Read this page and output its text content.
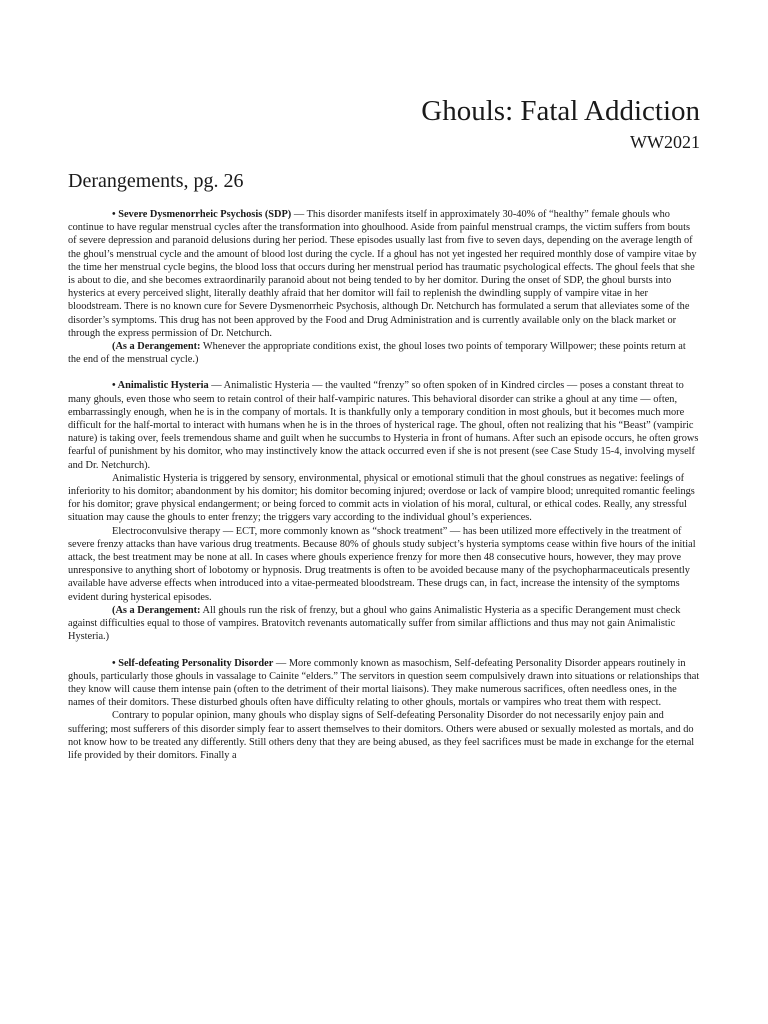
Ghouls: Fatal Addiction
WW2021
Derangements, pg. 26

• Severe Dysmenorrheic Psychosis (SDP) — This disorder manifests itself in approximately 30-40% of “healthy” female ghouls who continue to have regular menstrual cycles after the transformation into ghoulhood. Aside from painful menstrual cramps, the victim suffers from bouts of severe depression and paranoid delusions during her period. These episodes usually last from five to seven days, depending on the average length of the ghoul’s menstrual cycle and the amount of blood lost during the cycle. If a ghoul has not yet ingested her required monthly dose of vampire vitae by the time her menstrual cycle begins, the blood loss that occurs during her menstrual period has traumatic psychological effects. The ghoul feels that she is about to die, and she becomes extraordinarily paranoid about not being tended to by her domitor. During the onset of SDP, the ghoul bursts into hysterics at every perceived slight, literally deathly afraid that her domitor will fail to replenish the dwindling supply of vampire vitae in her bloodstream. There is no known cure for Severe Dysmenorrheic Psychosis, although Dr. Netchurch has formulated a serum that alleviates some of the disorder’s symptoms. This drug has not been approved by the Food and Drug Administration and is currently available only on the black market or through the express permission of Dr. Netchurch.

(As a Derangement: Whenever the appropriate conditions exist, the ghoul loses two points of temporary Willpower; these points return at the end of the menstrual cycle.)

• Animalistic Hysteria — Animalistic Hysteria — the vaulted “frenzy” so often spoken of in Kindred circles — poses a constant threat to many ghouls, even those who seem to retain control of their half-vampiric natures. This behavioral disorder can strike a ghoul at any time — often, embarrassingly enough, when he is in the company of mortals. It is thankfully only a temporary condition in most ghouls, but it becomes much more difficult for the half-mortal to interact with humans when he is in the throes of hysterical rage. The ghoul, often not realizing that his “Beast” (vampiric nature) is taking over, feels tremendous shame and guilt when he succumbs to Hysteria in front of humans. After such an episode occurs, he often grows fearful of punishment by his domitor, who may instinctively know the attack occurred even if she is not present (see Case Study 15-4, involving myself and Dr. Netchurch).

Animalistic Hysteria is triggered by sensory, environmental, physical or emotional stimuli that the ghoul construes as negative: feelings of inferiority to his domitor; abandonment by his domitor; his domitor becoming injured; overdose or lack of vampire blood; unrequited romantic feelings for his domitor; grave physical endangerment; or being forced to commit acts in violation of his moral, cultural, or ethical codes. Really, any stressful situation may cause the ghouls to enter frenzy; the triggers vary according to the individual ghoul’s experiences.

Electroconvulsive therapy — ECT, more commonly known as “shock treatment” — has been utilized more effectively in the treatment of severe frenzy attacks than have various drug treatments. Because 80% of ghouls study subject’s hysteria symptoms cease within five hours of the initial attack, the best treatment may be none at all. In cases where ghouls experience frenzy for more then 48 consecutive hours, however, they may prove unresponsive to anything short of lobotomy or hypnosis. Drug treatments is often to be avoided because many of the psychopharmaceuticals presently available have adverse effects when introduced into a vitae-permeated bloodstream. These drugs can, in fact, increase the intensity of the symptoms evident during hysterical episodes.

(As a Derangement: All ghouls run the risk of frenzy, but a ghoul who gains Animalistic Hysteria as a specific Derangement must check against difficulties equal to those of vampires. Bratovitch revenants automatically suffer from similar afflictions and thus may not gain Animalistic Hysteria.)

• Self-defeating Personality Disorder — More commonly known as masochism, Self-defeating Personality Disorder appears routinely in ghouls, particularly those ghouls in vassalage to Cainite “elders.” The servitors in question seem compulsively drawn into situations or relationships that they know will cause them intense pain (often to the detriment of their mortal liaisons). They make numerous sacrifices, often needless ones, in the names of their domitors. These disturbed ghouls often have difficulty relating to other ghouls, mortals or vampires who treat them with respect.

Contrary to popular opinion, many ghouls who display signs of Self-defeating Personality Disorder do not necessarily enjoy pain and suffering; most sufferers of this disorder simply fear to assert themselves to their domitors. Others were abused or sexually molested as mortals, and do not know how to be treated any differently. Still others deny that they are being abused, as they feel sacrifices must be made in exchange for the eternal life provided by their domitors. Finally a
